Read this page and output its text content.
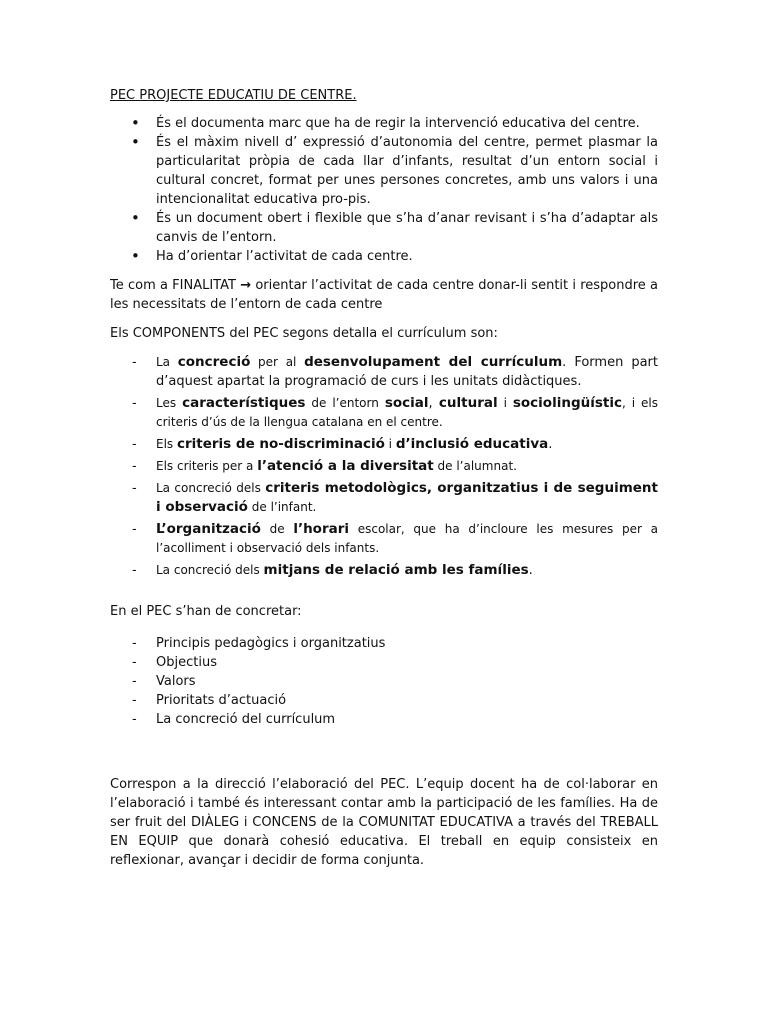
PEC PROJECTE EDUCATIU DE CENTRE.

• És el documenta marc que ha de regir la intervenció educativa del centre.
• És el màxim nivell d’ expressió d’autonomia del centre, permet plasmar la particularitat pròpia de cada llar d’infants, resultat d’un entorn social i cultural concret, format per unes persones concretes, amb uns valors i una intencionalitat educativa pro-pis.
• És un document obert i flexible que s’ha d’anar revisant i s’ha d’adaptar als canvis de l’entorn.
• Ha d’orientar l’activitat de cada centre.

Te com a FINALITAT → orientar l’activitat de cada centre donar-li sentit i respondre a les necessitats de l’entorn de cada centre

Els COMPONENTS del PEC segons detalla el currículum son:

- La concreció per al desenvolupament del currículum. Formen part d’aquest apartat la programació de curs i les unitats didàctiques.
- Les característiques de l’entorn social, cultural i sociolingüístic, i els criteris d’ús de la llengua catalana en el centre.
- Els criteris de no-discriminació i d’inclusió educativa.
- Els criteris per a l’atenció a la diversitat de l’alumnat.
- La concreció dels criteris metodològics, organitzatius i de seguiment i observació de l’infant.
- L’organització de l’horari escolar, que ha d’incloure les mesures per a l’acolliment i observació dels infants.
- La concreció dels mitjans de relació amb les famílies.

En el PEC s’han de concretar:

- Principis pedagògics i organitzatius
- Objectius
- Valors
- Prioritats d’actuació
- La concreció del currículum

Correspon a la direcció l’elaboració del PEC. L’equip docent ha de col·laborar en l’elaboració i també és interessant contar amb la participació de les famílies. Ha de ser fruit del DIÀLEG i CONCENS de la COMUNITAT EDUCATIVA a través del TREBALL EN EQUIP que donarà cohesió educativa. El treball en equip consisteix en reflexionar, avançar i decidir de forma conjunta.
